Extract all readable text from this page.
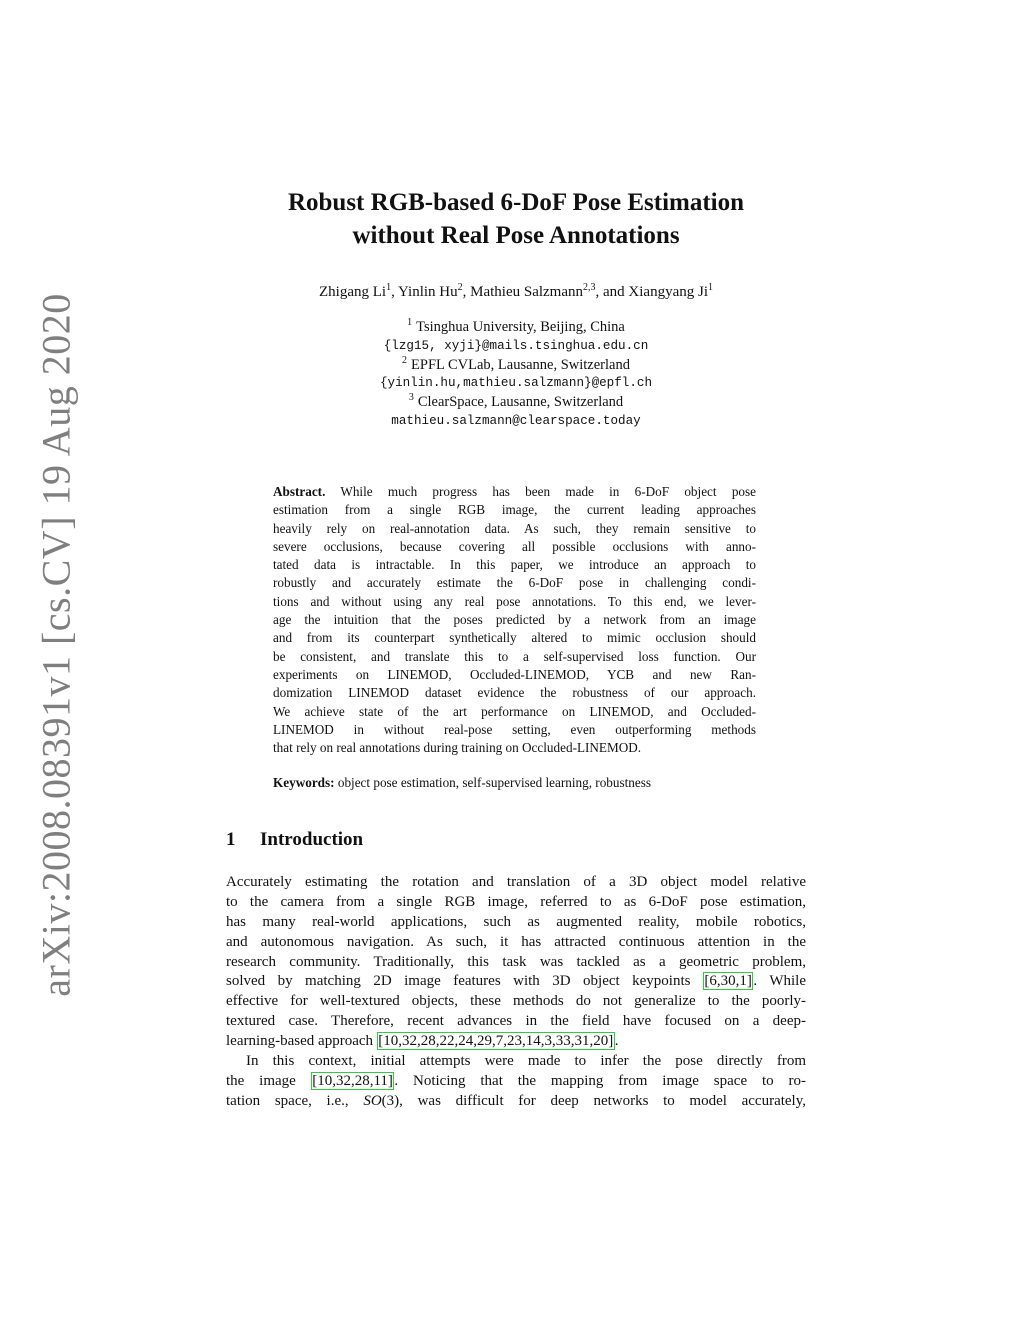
arXiv:2008.08391v1 [cs.CV] 19 Aug 2020
Robust RGB-based 6-DoF Pose Estimation
without Real Pose Annotations
Zhigang Li$^1$, Yinlin Hu$^2$, Mathieu Salzmann$^{2,3}$, and Xiangyang Ji$^1$
$^1$ Tsinghua University, Beijing, China
{lzg15, xyji}@mails.tsinghua.edu.cn
$^2$ EPFL CVLab, Lausanne, Switzerland
{yinlin.hu,mathieu.salzmann}@epfl.ch
$^3$ ClearSpace, Lausanne, Switzerland
mathieu.salzmann@clearspace.today
Abstract. While much progress has been made in 6-DoF object pose
estimation from a single RGB image, the current leading approaches
heavily rely on real-annotation data. As such, they remain sensitive to
severe occlusions, because covering all possible occlusions with anno-
tated data is intractable. In this paper, we introduce an approach to
robustly and accurately estimate the 6-DoF pose in challenging condi-
tions and without using any real pose annotations. To this end, we lever-
age the intuition that the poses predicted by a network from an image
and from its counterpart synthetically altered to mimic occlusion should
be consistent, and translate this to a self-supervised loss function. Our
experiments on LINEMOD, Occluded-LINEMOD, YCB and new Ran-
domization LINEMOD dataset evidence the robustness of our approach.
We achieve state of the art performance on LINEMOD, and Occluded-
LINEMOD in without real-pose setting, even outperforming methods
that rely on real annotations during training on Occluded-LINEMOD.
Keywords: object pose estimation, self-supervised learning, robustness
1 Introduction
Accurately estimating the rotation and translation of a 3D object model relative
to the camera from a single RGB image, referred to as 6-DoF pose estimation,
has many real-world applications, such as augmented reality, mobile robotics,
and autonomous navigation. As such, it has attracted continuous attention in the
research community. Traditionally, this task was tackled as a geometric problem,
solved by matching 2D image features with 3D object keypoints [6,30,1] . While
effective for well-textured objects, these methods do not generalize to the poorly-
textured case. Therefore, recent advances in the field have focused on a deep-
learning-based approach [10,32,28,22,24,29,7,23,14,3,33,31,20] .
In this context, initial attempts were made to infer the pose directly from
the image [10,32,28,11] . Noticing that the mapping from image space to ro-
tation space, i.e., SO(3), was difficult for deep networks to model accurately,
